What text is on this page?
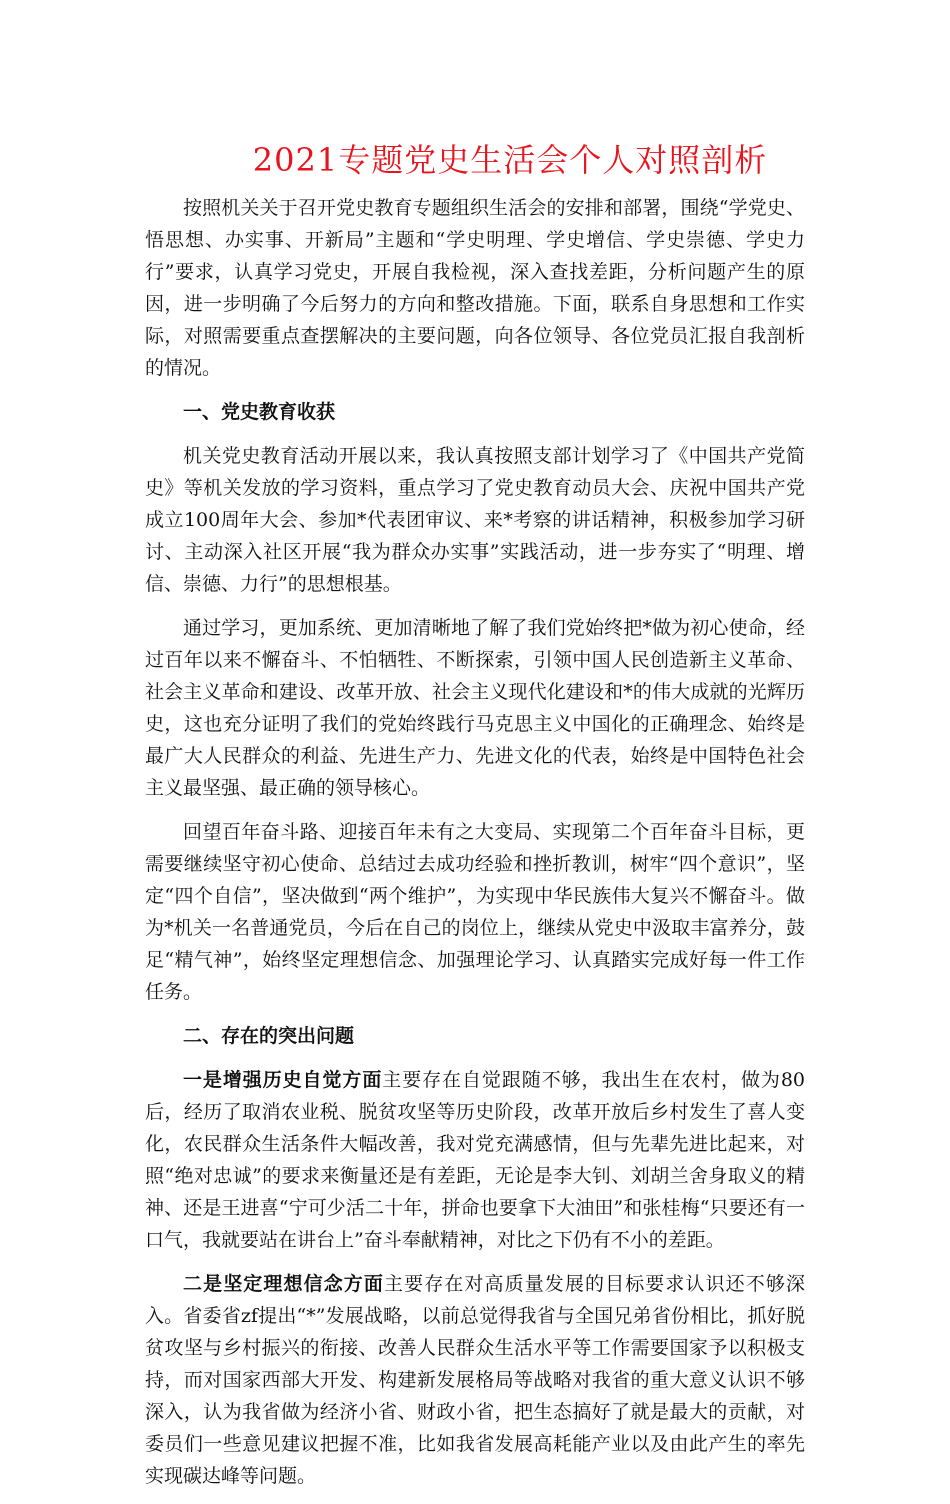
2021专题党史生活会个人对照剖析

按照机关关于召开党史教育专题组织生活会的安排和部署，围绕“学党史、悟思想、办实事、开新局”主题和“学史明理、学史增信、学史崇德、学史力行”要求，认真学习党史，开展自我检视，深入查找差距，分析问题产生的原因，进一步明确了今后努力的方向和整改措施。下面，联系自身思想和工作实际，对照需要重点查摆解决的主要问题，向各位领导、各位党员汇报自我剖析的情况。

一、党史教育收获

机关党史教育活动开展以来，我认真按照支部计划学习了《中国共产党简史》等机关发放的学习资料，重点学习了党史教育动员大会、庆祝中国共产党成立100周年大会、参加*代表团审议、来*考察的讲话精神，积极参加学习研讨、主动深入社区开展“我为群众办实事”实践活动，进一步夯实了“明理、增信、崇德、力行”的思想根基。

通过学习，更加系统、更加清晰地了解了我们党始终把*做为初心使命，经过百年以来不懈奋斗、不怕牺牲、不断探索，引领中国人民创造新主义革命、社会主义革命和建设、改革开放、社会主义现代化建设和*的伟大成就的光辉历史，这也充分证明了我们的党始终践行马克思主义中国化的正确理念、始终是最广大人民群众的利益、先进生产力、先进文化的代表，始终是中国特色社会主义最坚强、最正确的领导核心。

回望百年奋斗路、迎接百年未有之大变局、实现第二个百年奋斗目标，更需要继续坚守初心使命、总结过去成功经验和挫折教训，树牢“四个意识”，坚定“四个自信”，坚决做到“两个维护”，为实现中华民族伟大复兴不懈奋斗。做为*机关一名普通党员，今后在自己的岗位上，继续从党史中汲取丰富养分，鼓足“精气神”，始终坚定理想信念、加强理论学习、认真踏实完成好每一件工作任务。

二、存在的突出问题

一是增强历史自觉方面主要存在自觉跟随不够，我出生在农村，做为80后，经历了取消农业税、脱贫攻坚等历史阶段，改革开放后乡村发生了喜人变化，农民群众生活条件大幅改善，我对党充满感情，但与先辈先进比起来，对照“绝对忠诚”的要求来衡量还是有差距，无论是李大钊、刘胡兰舍身取义的精神、还是王进喜“宁可少活二十年，拼命也要拿下大油田”和张桂梅“只要还有一口气，我就要站在讲台上”奋斗奉献精神，对比之下仍有不小的差距。

二是坚定理想信念方面主要存在对高质量发展的目标要求认识还不够深入。省委省zf提出“*”发展战略，以前总觉得我省与全国兄弟省份相比，抓好脱贫攻坚与乡村振兴的衔接、改善人民群众生活水平等工作需要国家予以积极支持，而对国家西部大开发、构建新发展格局等战略对我省的重大意义认识不够深入，认为我省做为经济小省、财政小省，把生态搞好了就是最大的贡献，对委员们一些意见建议把握不准，比如我省发展高耗能产业以及由此产生的率先实现碳达峰等问题。
